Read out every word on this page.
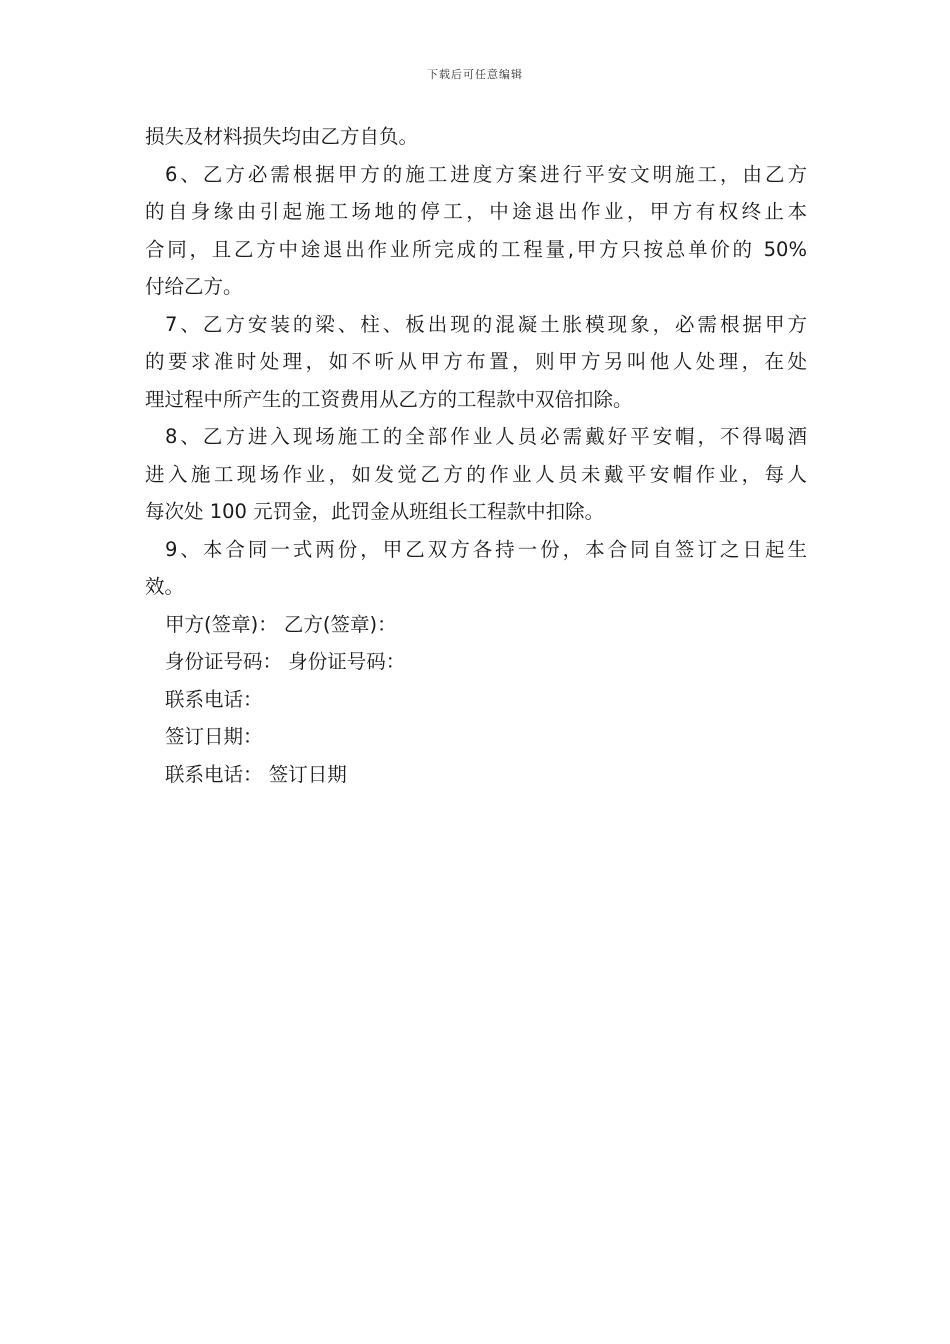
下载后可任意编辑
损失及材料损失均由乙方自负。
6、乙方必需根据甲方的施工进度方案进行平安文明施工，由乙方
的自身缘由引起施工场地的停工，中途退出作业，甲方有权终止本
合同，且乙方中途退出作业所完成的工程量,甲方只按总单价的 50%
付给乙方。
7、乙方安装的梁、柱、板出现的混凝土胀模现象，必需根据甲方
的要求准时处理，如不听从甲方布置，则甲方另叫他人处理，在处
理过程中所产生的工资费用从乙方的工程款中双倍扣除。
8、乙方进入现场施工的全部作业人员必需戴好平安帽，不得喝酒
进入施工现场作业，如发觉乙方的作业人员未戴平安帽作业，每人
每次处 100 元罚金，此罚金从班组长工程款中扣除。
9、本合同一式两份，甲乙双方各持一份，本合同自签订之日起生
效。
甲方(签章)： 乙方(签章)：
身份证号码： 身份证号码：
联系电话：
签订日期：
联系电话： 签订日期
